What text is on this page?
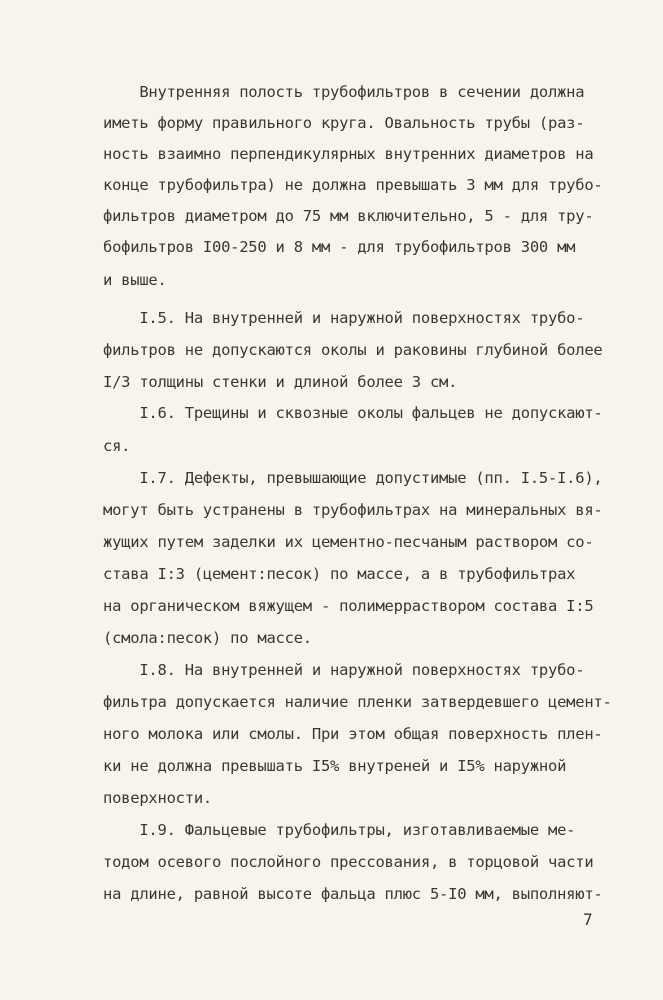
Внутренняя полость трубофильтров в сечении должна
иметь форму правильного круга. Овальность трубы (раз-
ность взаимно перпендикулярных внутренних диаметров на
конце трубофильтра) не должна превышать 3 мм для трубо-
фильтров диаметром до 75 мм включительно, 5 - для тру-
бофильтров I00-250 и 8 мм - для трубофильтров 300 мм
и выше.
I.5. На внутренней и наружной поверхностях трубо-
фильтров не допускаются околы и раковины глубиной более
I/3 толщины стенки и длиной более 3 см.
I.6. Трещины и сквозные околы фальцев не допускают-
ся.
I.7. Дефекты, превышающие допустимые (пп. I.5-I.6),
могут быть устранены в трубофильтрах на минеральных вя-
жущих путем заделки их цементно-песчаным раствором со-
става I:3 (цемент:песок) по массе, а в трубофильтрах
на органическом вяжущем - полимерраствором состава I:5
(смола:песок) по массе.
I.8. На внутренней и наружной поверхностях трубо-
фильтра допускается наличие пленки затвердевшего цемент-
ного молока или смолы. При этом общая поверхность плен-
ки не должна превышать I5% внутреней и I5% наружной
поверхности.
I.9. Фальцевые трубофильтры, изготавливаемые ме-
тодом осевого послойного прессования, в торцовой части
на длине, равной высоте фальца плюс 5-I0 мм, выполняют-
7
